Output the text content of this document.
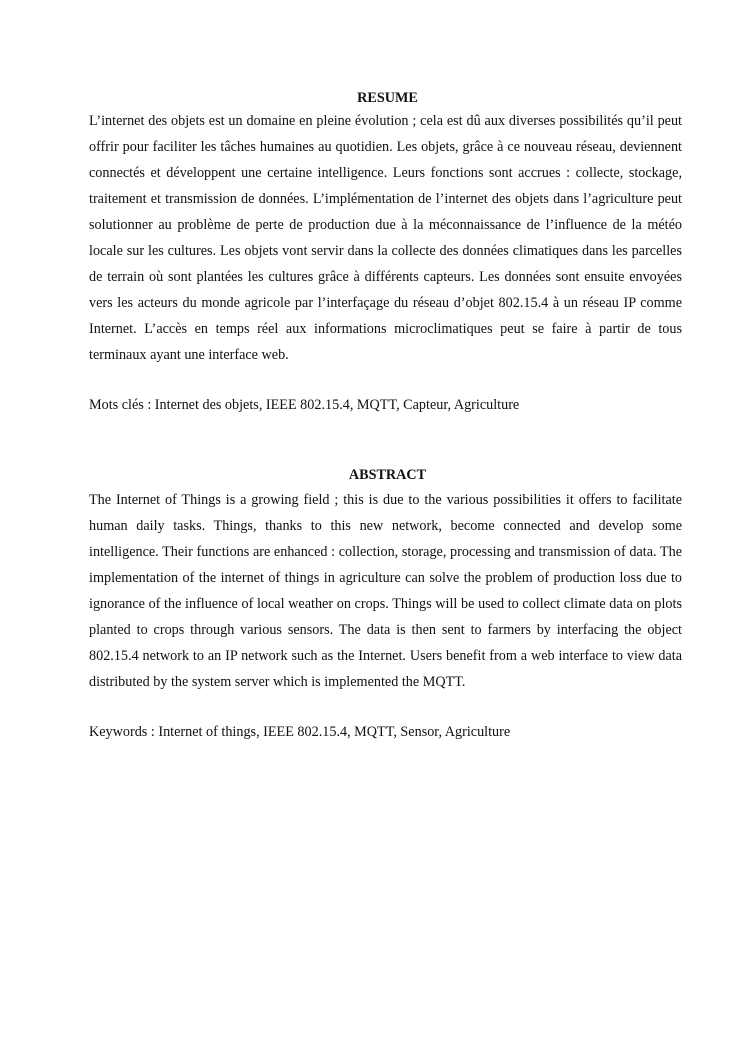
RESUME

L’internet des objets est un domaine en pleine évolution ; cela est dû aux diverses possibilités qu’il peut offrir pour faciliter les tâches humaines au quotidien. Les objets, grâce à ce nouveau réseau, deviennent connectés et développent une certaine intelligence. Leurs fonctions sont accrues : collecte, stockage, traitement et transmission de données. L’implémentation de l’internet des objets dans l’agriculture peut solutionner au problème de perte de production due à la méconnaissance de l’influence de la météo locale sur les cultures. Les objets vont servir dans la collecte des données climatiques dans les parcelles de terrain où sont plantées les cultures grâce à différents capteurs. Les données sont ensuite envoyées vers les acteurs du monde agricole par l’interfaçage du réseau d’objet 802.15.4 à un réseau IP comme Internet. L’accès en temps réel aux informations microclimatiques peut se faire à partir de tous terminaux ayant une interface web.

Mots clés : Internet des objets, IEEE 802.15.4, MQTT, Capteur, Agriculture

ABSTRACT

The Internet of Things is a growing field ; this is due to the various possibilities it offers to facilitate human daily tasks. Things, thanks to this new network, become connected and develop some intelligence. Their functions are enhanced : collection, storage, processing and transmission of data. The implementation of the internet of things in agriculture can solve the problem of production loss due to ignorance of the influence of local weather on crops. Things will be used to collect climate data on plots planted to crops through various sensors. The data is then sent to farmers by interfacing the object 802.15.4 network to an IP network such as the Internet. Users benefit from a web interface to view data distributed by the system server which is implemented the MQTT.

Keywords : Internet of things, IEEE 802.15.4, MQTT, Sensor, Agriculture
